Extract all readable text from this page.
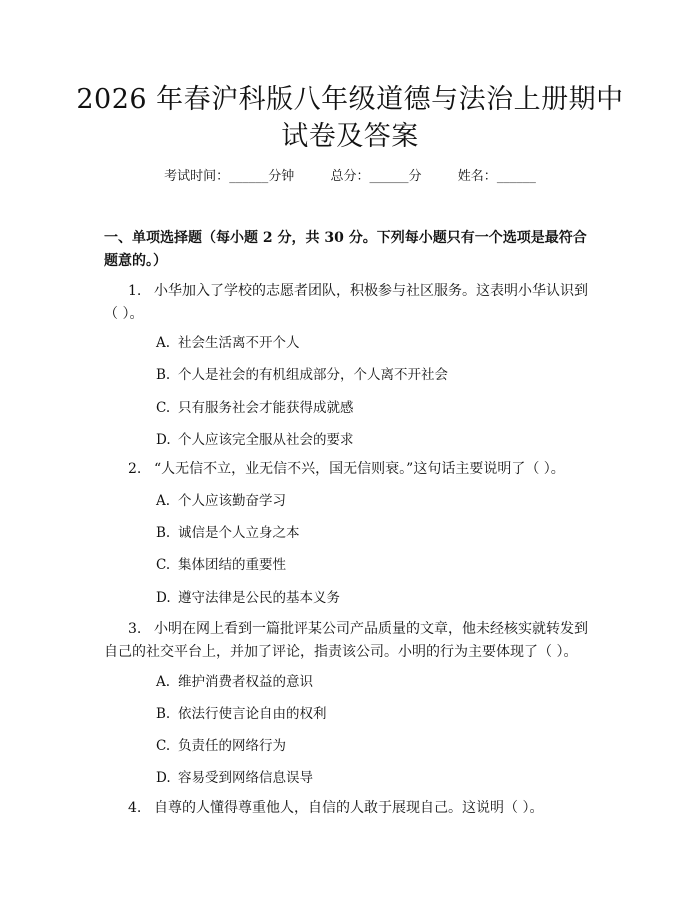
2026 年春沪科版八年级道德与法治上册期中
试卷及答案
考试时间：______分钟	总分：______分	姓名：______
一、单项选择题（每小题 2 分，共 30 分。下列每小题只有一个选项是最符合题意的。）
1. 小华加入了学校的志愿者团队，积极参与社区服务。这表明小华认识到（ ）。
A. 社会生活离不开个人
B. 个人是社会的有机组成部分，个人离不开社会
C. 只有服务社会才能获得成就感
D. 个人应该完全服从社会的要求
2. “人无信不立，业无信不兴，国无信则衰。”这句话主要说明了（ ）。
A. 个人应该勤奋学习
B. 诚信是个人立身之本
C. 集体团结的重要性
D. 遵守法律是公民的基本义务
3. 小明在网上看到一篇批评某公司产品质量的文章，他未经核实就转发到自己的社交平台上，并加了评论，指责该公司。小明的行为主要体现了（ ）。
A. 维护消费者权益的意识
B. 依法行使言论自由的权利
C. 负责任的网络行为
D. 容易受到网络信息误导
4. 自尊的人懂得尊重他人，自信的人敢于展现自己。这说明（ ）。
